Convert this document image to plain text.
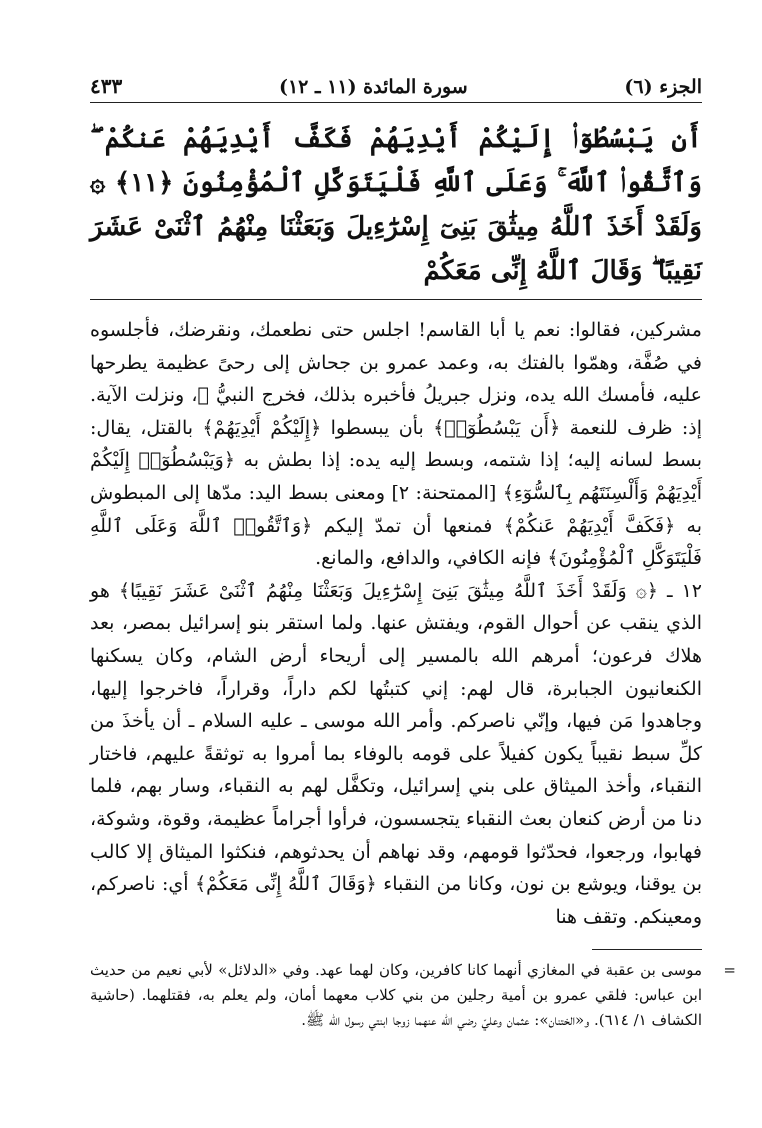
الجزء (٦)
سورة المائدة (١١ ـ ١٢)
٤٣٣
أَن يَبْسُطُوٓا۟ إِلَيْكُمْ أَيْدِيَهُمْ فَكَفَّ أَيْدِيَهُمْ عَنكُمْ ۖ وَٱتَّقُوا۟ ٱللَّهَ ۚ وَعَلَى ٱللَّهِ فَلْيَتَوَكَّلِ ٱلْمُؤْمِنُونَ ﴿١١﴾ ۞ وَلَقَدْ أَخَذَ ٱللَّهُ مِيثَٰقَ بَنِىٓ إِسْرَٰٓءِيلَ وَبَعَثْنَا مِنْهُمُ ٱثْنَىْ عَشَرَ نَقِيبًا ۖ وَقَالَ ٱللَّهُ إِنِّى مَعَكُمْ

مشركين، فقالوا: نعم يا أبا القاسم! اجلس حتى نطعمك، ونقرضك، فأجلسوه في صُفَّة، وهمّوا بالفتك به، وعمد عمرو بن جحاش إلى رحىً عظيمة يطرحها عليه، فأمسك الله يده، ونزل جبريلُ فأخبره بذلك، فخرج النبيُّ ﷺ، ونزلت الآية. إذ: ظرف للنعمة ﴿أَن يَبْسُطُوٓا۟﴾ بأن يبسطوا ﴿إِلَيْكُمْ أَيْدِيَهُمْ﴾ بالقتل، يقال: بسط لسانه إليه؛ إذا شتمه، وبسط إليه يده: إذا بطش به ﴿وَيَبْسُطُوٓا۟ إِلَيْكُمْ أَيْدِيَهُمْ وَأَلْسِنَتَهُم بِٱلسُّوٓءِ﴾ [الممتحنة: ٢] ومعنى بسط اليد: مدّها إلى المبطوش به ﴿فَكَفَّ أَيْدِيَهُمْ عَنكُمْ﴾ فمنعها أن تمدّ إليكم ﴿وَٱتَّقُوا۟ ٱللَّهَ وَعَلَى ٱللَّهِ فَلْيَتَوَكَّلِ ٱلْمُؤْمِنُونَ﴾ فإنه الكافي، والدافع، والمانع.

١٢ ـ ﴿۞ وَلَقَدْ أَخَذَ ٱللَّهُ مِيثَٰقَ بَنِىٓ إِسْرَٰٓءِيلَ وَبَعَثْنَا مِنْهُمُ ٱثْنَىْ عَشَرَ نَقِيبًا﴾ هو الذي ينقب عن أحوال القوم، ويفتش عنها. ولما استقر بنو إسرائيل بمصر، بعد هلاك فرعون؛ أمرهم الله بالمسير إلى أريحاء أرض الشام، وكان يسكنها الكنعانيون الجبابرة، قال لهم: إني كتبتُها لكم داراً، وقراراً، فاخرجوا إليها، وجاهدوا مَن فيها، وإنّي ناصركم. وأمر الله موسى ـ عليه السلام ـ أن يأخذَ من كلِّ سبط نقيباً يكون كفيلاً على قومه بالوفاء بما أمروا به توثقةً عليهم، فاختار النقباء، وأخذ الميثاق على بني إسرائيل، وتكفَّل لهم به النقباء، وسار بهم، فلما دنا من أرض كنعان بعث النقباء يتجسسون، فرأوا أجراماً عظيمة، وقوة، وشوكة، فهابوا، ورجعوا، فحدّثوا قومهم، وقد نهاهم أن يحدثوهم، فنكثوا الميثاق إلا كالب بن يوقنا، ويوشع بن نون، وكانا من النقباء ﴿وَقَالَ ٱللَّهُ إِنِّى مَعَكُمْ﴾ أي: ناصركم، ومعينكم. وتقف هنا

=
موسى بن عقبة في المغازي أنهما كانا كافرين، وكان لهما عهد. وفي «الدلائل» لأبي نعيم من حديث ابن عباس: فلقي عمرو بن أمية رجلين من بني كلاب معهما أمان، ولم يعلم به، فقتلهما. (حاشية الكشاف ١/ ٦١٤). و«الختنان»: عثمان وعليّ رضي الله عنهما زوجا ابنتي رسول الله ﷺ.
